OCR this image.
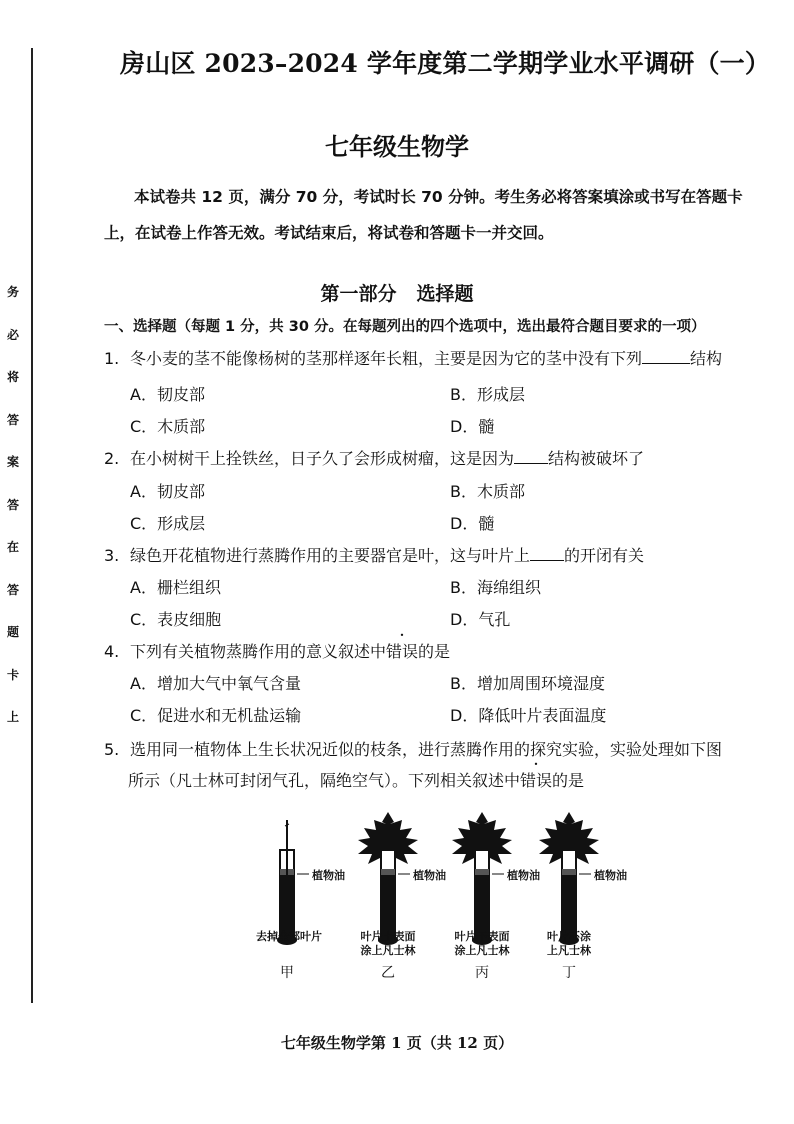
务
必
将
答
案
答
在
答
题
卡
上
房山区 2023–2024 学年度第二学期学业水平调研（一）
七年级生物学
本试卷共 12 页，满分 70 分，考试时长 70 分钟。考生务必将答案填涂或书写在答题卡上，在试卷上作答无效。考试结束后，将试卷和答题卡一并交回。
第一部分 选择题
一、选择题（每题 1 分，共 30 分。在每题列出的四个选项中，选出最符合题目要求的一项）
1. 冬小麦的茎不能像杨树的茎那样逐年长粗，主要是因为它的茎中没有下列	结构
A．韧皮部	B．形成层
C．木质部	D．髓
2. 在小树树干上拴铁丝，日子久了会形成树瘤，这是因为 结构被破坏了
A．韧皮部	B．木质部
C．形成层	D．髓
3. 绿色开花植物进行蒸腾作用的主要器官是叶，这与叶片上 的开闭有关
A．栅栏组织	B．海绵组织
C．表皮细胞	D．气孔
4. 下列有关植物蒸腾作用的意义叙述中错误的是
A．增加大气中氧气含量	B．增加周围环境湿度
C．促进水和无机盐运输	D．降低叶片表面温度
5. 选用同一植物体上生长状况近似的枝条，进行蒸腾作用的探究实验，实验处理如下图
所示（凡士林可封闭气孔，隔绝空气）。下列相关叙述中错误的是
植物油	植物油	植物油	植物油
去掉全部叶片	叶片上表面
涂上凡士林
叶片下表面
涂上凡士林
叶片不涂
上凡士林
甲	乙	丙	丁
七年级生物学第 1 页（共 12 页）
